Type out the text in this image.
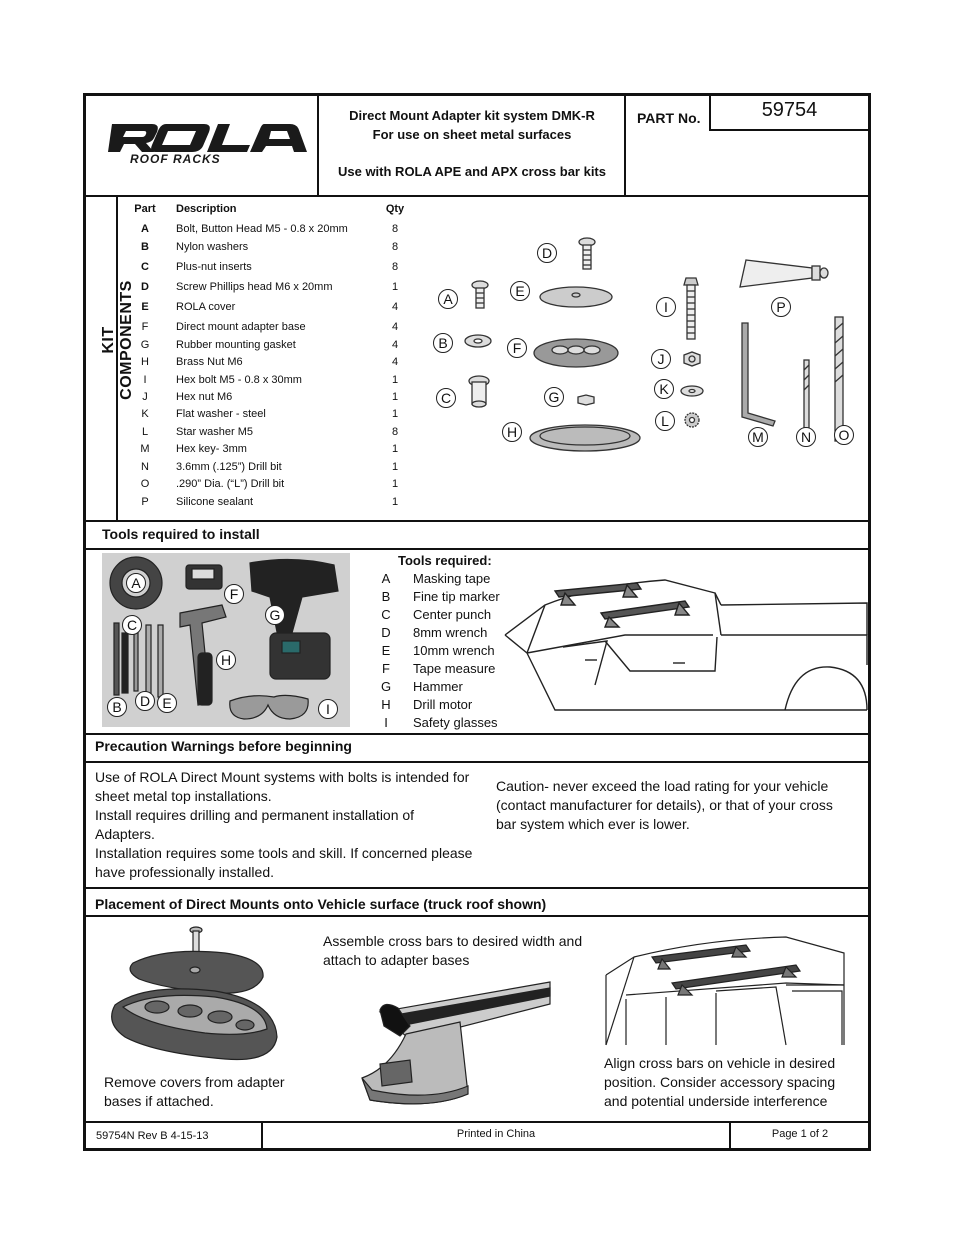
ROOF RACKS
Direct Mount Adapter kit system DMK-R
For use on sheet metal surfaces
Use with ROLA APE and APX cross bar kits
PART No.	59754
KIT COMPONENTS
Part	Description	Qty
A	Bolt, Button Head M5 - 0.8 x 20mm	8
B	Nylon washers	8
C	Plus-nut inserts	8
D	Screw Phillips head M6 x 20mm	1
E	ROLA cover	4
F	Direct mount adapter base	4
G	Rubber mounting gasket	4
H	Brass Nut M6	4
I	Hex bolt M5 - 0.8 x 30mm	1
J	Hex nut M6	1
K	Flat washer - steel	1
L	Star washer M5	8
M	Hex key- 3mm	1
N	3.6mm (.125”) Drill bit	1
O	.290” Dia. (“L”) Drill bit	1
P	Silicone sealant	1
A
B
C
D
E
F
G
H
I
J
K
L
M	N	O
P
Tools required to install
A
B
C
D E
F
G
H
I
Tools required:
A	Masking tape
B	Fine tip marker
C	Center punch
D	8mm wrench
E	10mm wrench
F	Tape measure
G	Hammer
H	Drill motor
I	Safety glasses
Precaution Warnings before beginning
Use of ROLA Direct Mount systems with bolts is intended for
sheet metal top installations.
Install requires drilling and permanent installation of
Adapters.
Installation requires some tools and skill. If concerned please
have professionally installed.
Caution- never exceed the load rating for your vehicle
(contact manufacturer for details), or that of your cross
bar system which ever is lower.
Placement of Direct Mounts onto Vehicle surface (truck roof shown)
Remove covers from adapter
bases if attached.
Assemble cross bars to desired width and
attach to adapter bases
Align cross bars on vehicle in desired
position. Consider accessory spacing
and potential underside interference
59754N Rev B 4-15-13	Printed in China	Page 1 of 2
